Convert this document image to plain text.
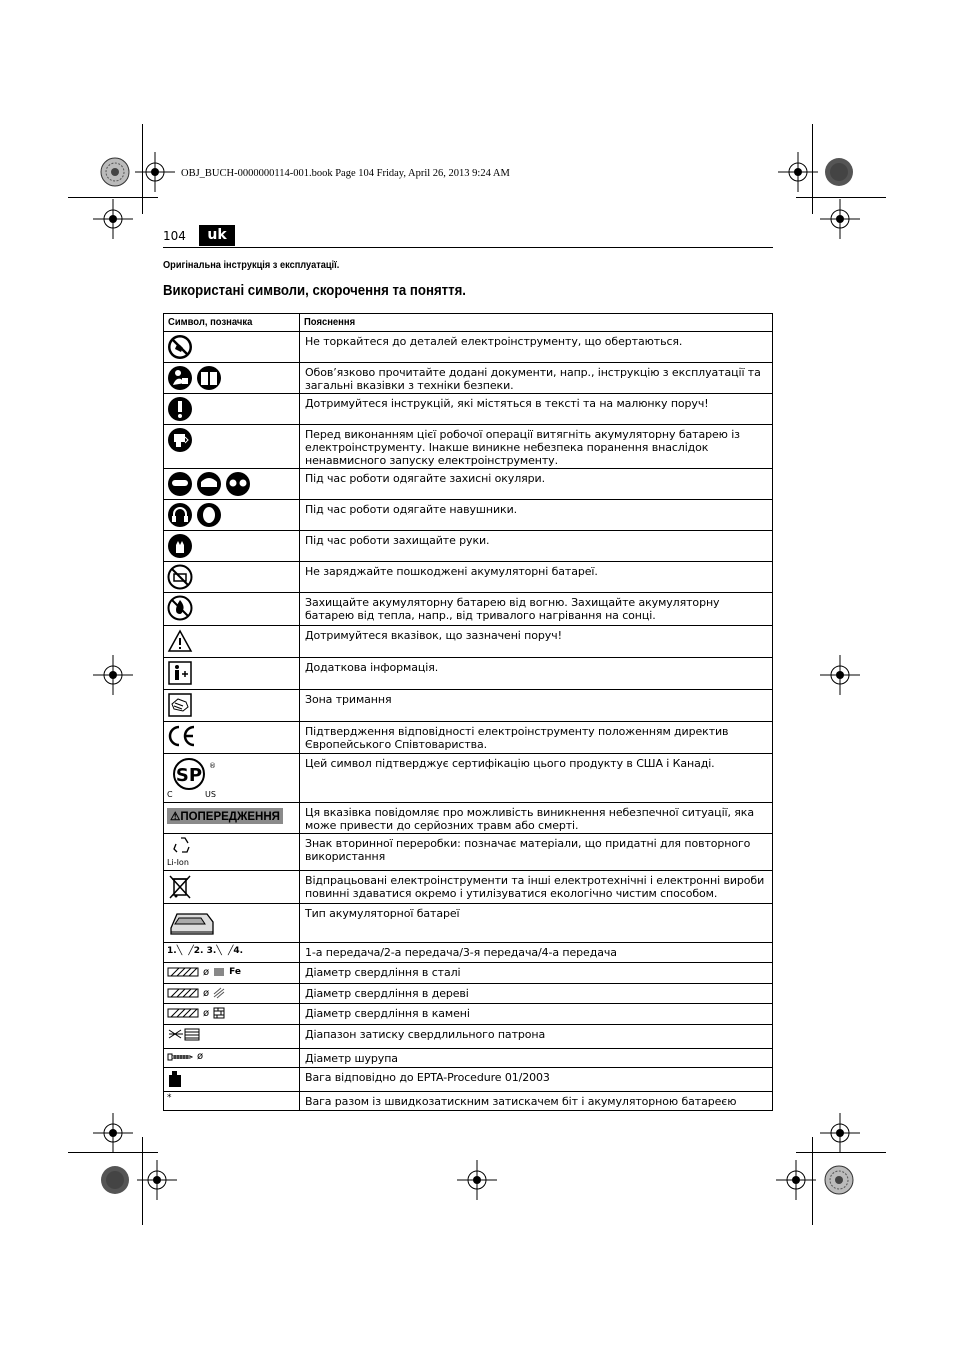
OBJ_BUCH-0000000114-001.book Page 104 Friday, April 26, 2013 9:24 AM
104	uk
Оригінальна інструкція з експлуатації.
Використані символи, скорочення та поняття.
Символ, позначка	Пояснення
	Не торкайтеся до деталей електроінструменту, що обертаються.
	Обов’язково прочитайте додані документи, напр., інструкцію з експлуатації та загальні вказівки з техніки безпеки.
	Дотримуйтеся інструкцій, які містяться в тексті та на малюнку поруч!
	Перед виконанням цієї робочої операції витягніть акумуляторну батарею із електроінструменту. Інакше виникне небезпека поранення внаслідок ненавмисного запуску електроінструменту.
	Під час роботи одягайте захисні окуляри.
	Під час роботи одягайте навушники.
	Під час роботи захищайте руки.
	Не заряджайте пошкоджені акумуляторні батареї.
	Захищайте акумуляторну батарею від вогню. Захищайте акумуляторну батарею від тепла, напр., від тривалого нагрівання на сонці.
	Дотримуйтеся вказівок, що зазначені поруч!
	Додаткова інформація.
	Зона тримання
	Підтвердження відповідності електроінструменту положенням директив Європейського Співтовариства.

SP ®
C US	Цей символ підтверджує сертифікацію цього продукту в США і Канаді.
⚠ПОПЕРЕДЖЕННЯ	Ця вказівка повідомляє про можливість виникнення небезпечної ситуації, яка може привести до серйозних травм або смерті.

Li-Ion	Знак вторинної переробки: позначає матеріали, що придатні для повторного використання
	Відпрацьовані електроінструменти та інші електротехнічні і електронні вироби повинні здаватися окремо і утилізуватися екологічно чистим способом.
	Тип акумуляторної батареї

1.╲  ╱2. 3.╲  ╱4.	1-а передача/2-а передача/3-я передача/4-а передача

ø Fe	Діаметр свердління в сталі

ø	Діаметр свердління в дереві

ø	Діаметр свердління в камені
	Діапазон затиску свердлильного патрона

ø	Діаметр шурупа
	Вага відповідно до EPTA-Procedure 01/2003
*	Вага разом із швидкозатискним затискачем біт і акумуляторною батареєю
